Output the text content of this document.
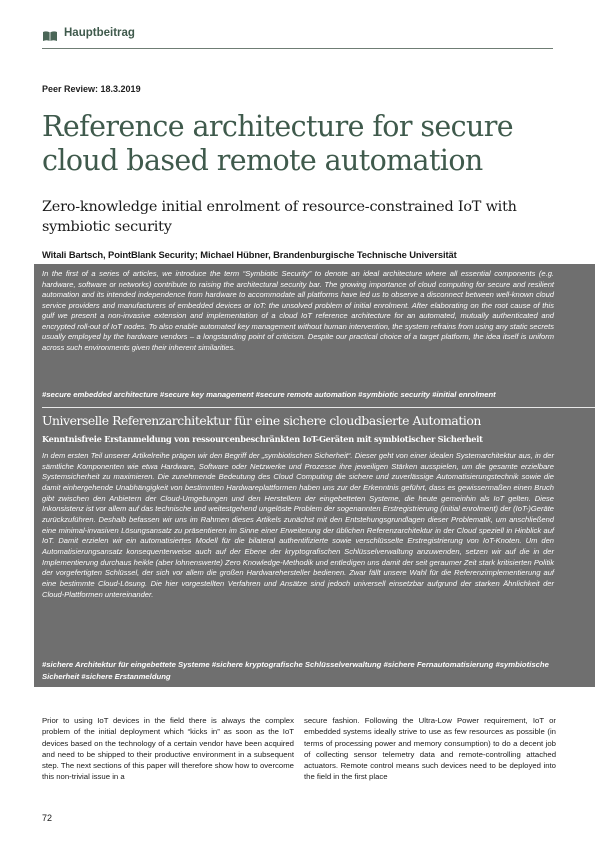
Hauptbeitrag
Peer Review: 18.3.2019
Reference architecture for secure cloud based remote automation
Zero-knowledge initial enrolment of resource-constrained IoT with symbiotic security
Witali Bartsch, PointBlank Security; Michael Hübner, Brandenburgische Technische Universität
In the first of a series of articles, we introduce the term “Symbiotic Security” to denote an ideal architecture where all essential components (e.g. hardware, software or networks) contribute to raising the architectural security bar. The growing importance of cloud computing for secure and resilient automation and its intended independence from hardware to accommodate all platforms have led us to observe a disconnect between well-known cloud service providers and manufacturers of embedded devices or IoT: the unsolved problem of initial enrolment. After elaborating on the root cause of this gulf we present a non-invasive extension and implementation of a cloud IoT reference architecture for an automated, mutually authenticated and encrypted roll-out of IoT nodes. To also enable automated key management without human intervention, the system refrains from using any static secrets usually employed by the hardware vendors – a longstanding point of criticism. Despite our practical choice of a target platform, the idea itself is uniform across such environments given their inherent similarities.
#secure embedded architecture #secure key management #secure remote automation #symbiotic security #initial enrolment
Universelle Referenzarchitektur für eine sichere cloudbasierte Automation
Kenntnisfreie Erstanmeldung von ressourcenbeschränkten IoT-Geräten mit symbiotischer Sicherheit
In dem ersten Teil unserer Artikelreihe prägen wir den Begriff der „symbiotischen Sicherheit“. Dieser geht von einer idealen Systemarchitektur aus, in der sämtliche Komponenten wie etwa Hardware, Software oder Netzwerke und Prozesse ihre jeweiligen Stärken ausspielen, um die gesamte erzielbare Systemsicherheit zu maximieren. Die zunehmende Bedeutung des Cloud Computing die sichere und zuverlässige Automatisierungstechnik sowie die damit einhergehende Unabhängigkeit von bestimmten Hardwareplattformen haben uns zur der Erkenntnis geführt, dass es gewissermaßen einen Bruch gibt zwischen den Anbietern der Cloud-Umgebungen und den Herstellern der eingebetteten Systeme, die heute gemeinhin als IoT gelten. Diese Inkonsistenz ist vor allem auf das technische und weitestgehend ungelöste Problem der sogenannten Erstregistrierung (initial enrolment) der (IoT-)Geräte zurückzuführen. Deshalb befassen wir uns im Rahmen dieses Artikels zunächst mit den Entstehungsgrundlagen dieser Problematik, um anschließend eine minimal-invasiven Lösungsansatz zu präsentieren im Sinne einer Erweiterung der üblichen Referenzarchitektur in der Cloud speziell in Hinblick auf IoT. Damit erzielen wir ein automatisiertes Modell für die bilateral authentifizierte sowie verschlüsselte Erstregistrierung von IoT-Knoten. Um den Automatisierungsansatz konsequenterweise auch auf der Ebene der kryptografischen Schlüsselverwaltung anzuwenden, setzen wir auf die in der Implementierung durchaus heikle (aber lohnenswerte) Zero Knowledge-Methodik und entledigen uns damit der seit geraumer Zeit stark kritisierten Politik der vorgefertigten Schlüssel, der sich vor allem die großen Hardwarehersteller bedienen. Zwar fällt unsere Wahl für die Referenzimplementierung auf eine bestimmte Cloud-Lösung. Die hier vorgestellten Verfahren und Ansätze sind jedoch universell einsetzbar aufgrund der starken Ähnlichkeit der Cloud-Plattformen untereinander.
#sichere Architektur für eingebettete Systeme #sichere kryptografische Schlüsselverwaltung #sichere Fernautomatisierung #symbiotische Sicherheit #sichere Erstanmeldung
Prior to using IoT devices in the field there is always the complex problem of the initial deployment which “kicks in” as soon as the IoT devices based on the technology of a certain vendor have been acquired and need to be shipped to their productive environment in a subsequent step. The next sections of this paper will therefore show how to overcome this non-trivial issue in a
secure fashion. Following the Ultra-Low Power requirement, IoT or embedded systems ideally strive to use as few resources as possible (in terms of processing power and memory consumption) to do a decent job of collecting sensor telemetry data and remote-controlling attached actuators. Remote control means such devices need to be deployed into the field in the first place
72
